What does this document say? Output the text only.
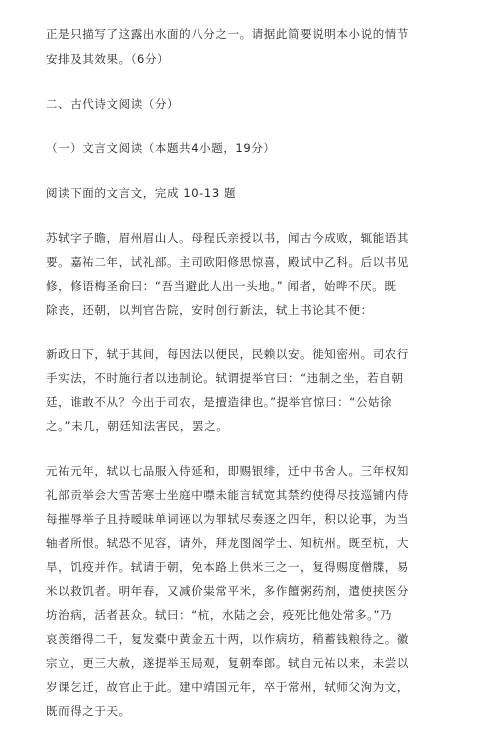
正是只描写了这露出水面的八分之一。请据此简要说明本小说的情节
安排及其效果。（6分）
二、古代诗文阅读（分）
（一）文言文阅读（本题共4小题，19分）
阅读下面的文言文，完成 10-13 题
苏轼字子瞻，眉州眉山人。母程氏亲授以书，闻古今成败，辄能语其
要。嘉祐二年，试礼部。主司欧阳修思惊喜，殿试中乙科。后以书见
修，修语梅圣俞曰：“吾当避此人出一头地。” 闻者，始哗不厌。既
除丧，还朝，以判官告院，安时创行新法，轼上书论其不便：
新政日下，轼于其间，每因法以便民，民赖以安。徙知密州。司农行
手实法，不时施行者以违制论。轼谓提举官曰：“违制之坐，若自朝
廷，谁敢不从？今出于司农，是擅造律也。”提举官惊曰：“公姑徐
之。”未几，朝廷知法害民，罢之。
元祐元年，轼以七品服入侍延和，即赐银绯，迁中书舍人。三年权知
礼部贡举会大雪苦寒士坐庭中噤未能言轼宽其禁约使得尽技巡铺内侍
每摧辱举子且持暧昧单词诬以为罪轼尽奏逐之四年，积以论事，为当
轴者所恨。轼恐不见容，请外，拜龙图阁学士、知杭州。既至杭，大
旱，饥疫并作。轼请于朝，免本路上供米三之一，复得赐度僧牒，易
米以救饥者。明年春，又减价粜常平米，多作饘粥药剂，遣使挟医分
坊治病，活者甚众。轼曰：“杭，水陆之会，疫死比他处常多。”乃
哀羡缗得二千，复发橐中黄金五十两，以作病坊，稍蓄钱粮待之。徽
宗立，更三大赦，遂提举玉局观，复朝奉郎。轼自元祐以来，未尝以
岁课乞迁，故官止于此。建中靖国元年，卒于常州，轼师父洵为文，
既而得之于天。
